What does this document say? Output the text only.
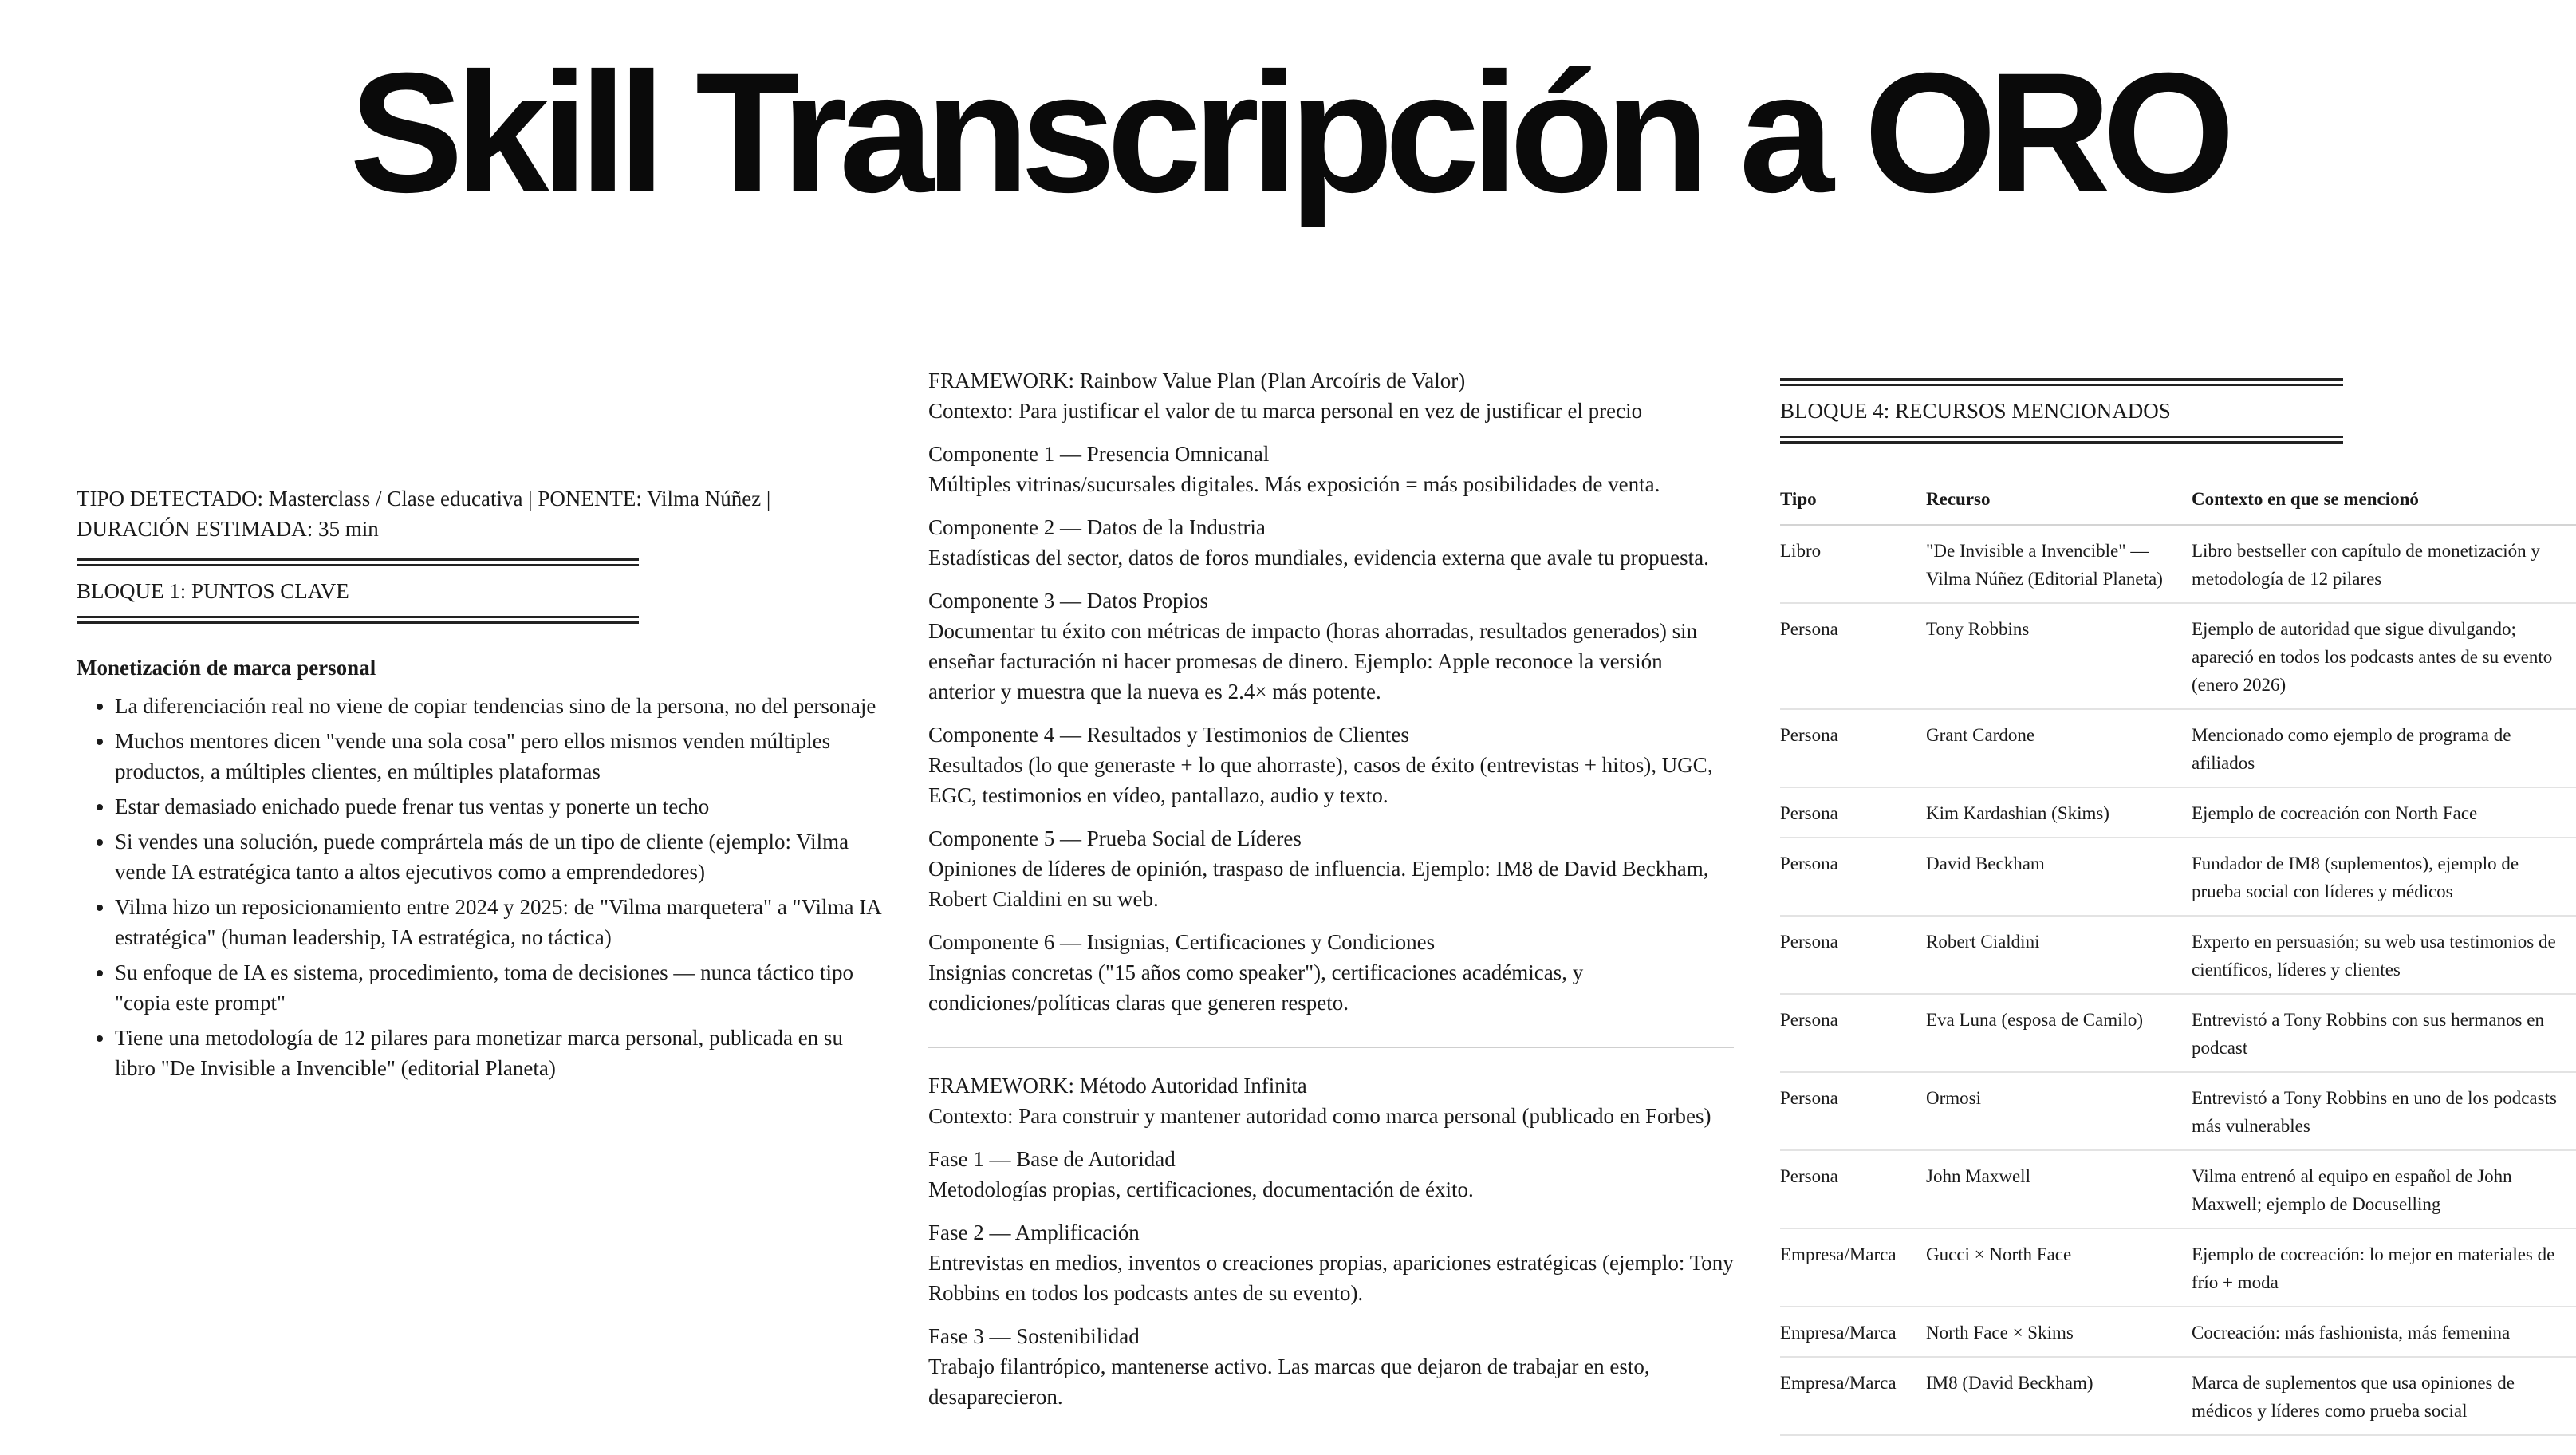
Skill Transcripción a ORO

TIPO DETECTADO: Masterclass / Clase educativa | PONENTE: Vilma Núñez | DURACIÓN ESTIMADA: 35 min

BLOQUE 1: PUNTOS CLAVE

Monetización de marca personal

• La diferenciación real no viene de copiar tendencias sino de la persona, no del personaje
• Muchos mentores dicen "vende una sola cosa" pero ellos mismos venden múltiples productos, a múltiples clientes, en múltiples plataformas
• Estar demasiado enichado puede frenar tus ventas y ponerte un techo
• Si vendes una solución, puede comprártela más de un tipo de cliente (ejemplo: Vilma vende IA estratégica tanto a altos ejecutivos como a emprendedores)
• Vilma hizo un reposicionamiento entre 2024 y 2025: de "Vilma marquetera" a "Vilma IA estratégica" (human leadership, IA estratégica, no táctica)
• Su enfoque de IA es sistema, procedimiento, toma de decisiones — nunca táctico tipo "copia este prompt"
• Tiene una metodología de 12 pilares para monetizar marca personal, publicada en su libro "De Invisible a Invencible" (editorial Planeta)

FRAMEWORK: Rainbow Value Plan (Plan Arcoíris de Valor)

Contexto: Para justificar el valor de tu marca personal en vez de justificar el precio

Componente 1 — Presencia Omnicanal

Múltiples vitrinas/sucursales digitales. Más exposición = más posibilidades de venta.

Componente 2 — Datos de la Industria

Estadísticas del sector, datos de foros mundiales, evidencia externa que avale tu propuesta.

Componente 3 — Datos Propios

Documentar tu éxito con métricas de impacto (horas ahorradas, resultados generados) sin enseñar facturación ni hacer promesas de dinero. Ejemplo: Apple reconoce la versión anterior y muestra que la nueva es 2.4× más potente.

Componente 4 — Resultados y Testimonios de Clientes

Resultados (lo que generaste + lo que ahorraste), casos de éxito (entrevistas + hitos), UGC, EGC, testimonios en vídeo, pantallazo, audio y texto.

Componente 5 — Prueba Social de Líderes

Opiniones de líderes de opinión, traspaso de influencia. Ejemplo: IM8 de David Beckham, Robert Cialdini en su web.

Componente 6 — Insignias, Certificaciones y Condiciones

Insignias concretas ("15 años como speaker"), certificaciones académicas, y condiciones/políticas claras que generen respeto.

FRAMEWORK: Método Autoridad Infinita

Contexto: Para construir y mantener autoridad como marca personal (publicado en Forbes)

Fase 1 — Base de Autoridad

Metodologías propias, certificaciones, documentación de éxito.

Fase 2 — Amplificación

Entrevistas en medios, inventos o creaciones propias, apariciones estratégicas (ejemplo: Tony Robbins en todos los podcasts antes de su evento).

Fase 3 — Sostenibilidad

Trabajo filantrópico, mantenerse activo. Las marcas que dejaron de trabajar en esto, desaparecieron.

BLOQUE 4: RECURSOS MENCIONADOS

Tipo	Recurso	Contexto en que se mencionó
Libro	"De Invisible a Invencible" — Vilma Núñez (Editorial Planeta)	Libro bestseller con capítulo de monetización y metodología de 12 pilares
Persona	Tony Robbins	Ejemplo de autoridad que sigue divulgando; apareció en todos los podcasts antes de su evento (enero 2026)
Persona	Grant Cardone	Mencionado como ejemplo de programa de afiliados
Persona	Kim Kardashian (Skims)	Ejemplo de cocreación con North Face
Persona	David Beckham	Fundador de IM8 (suplementos), ejemplo de prueba social con líderes y médicos
Persona	Robert Cialdini	Experto en persuasión; su web usa testimonios de científicos, líderes y clientes
Persona	Eva Luna (esposa de Camilo)	Entrevistó a Tony Robbins con sus hermanos en podcast
Persona	Ormosi	Entrevistó a Tony Robbins en uno de los podcasts más vulnerables
Persona	John Maxwell	Vilma entrenó al equipo en español de John Maxwell; ejemplo de Docuselling
Empresa/Marca	Gucci × North Face	Ejemplo de cocreación: lo mejor en materiales de frío + moda
Empresa/Marca	North Face × Skims	Cocreación: más fashionista, más femenina
Empresa/Marca	IM8 (David Beckham)	Marca de suplementos que usa opiniones de médicos y líderes como prueba social
